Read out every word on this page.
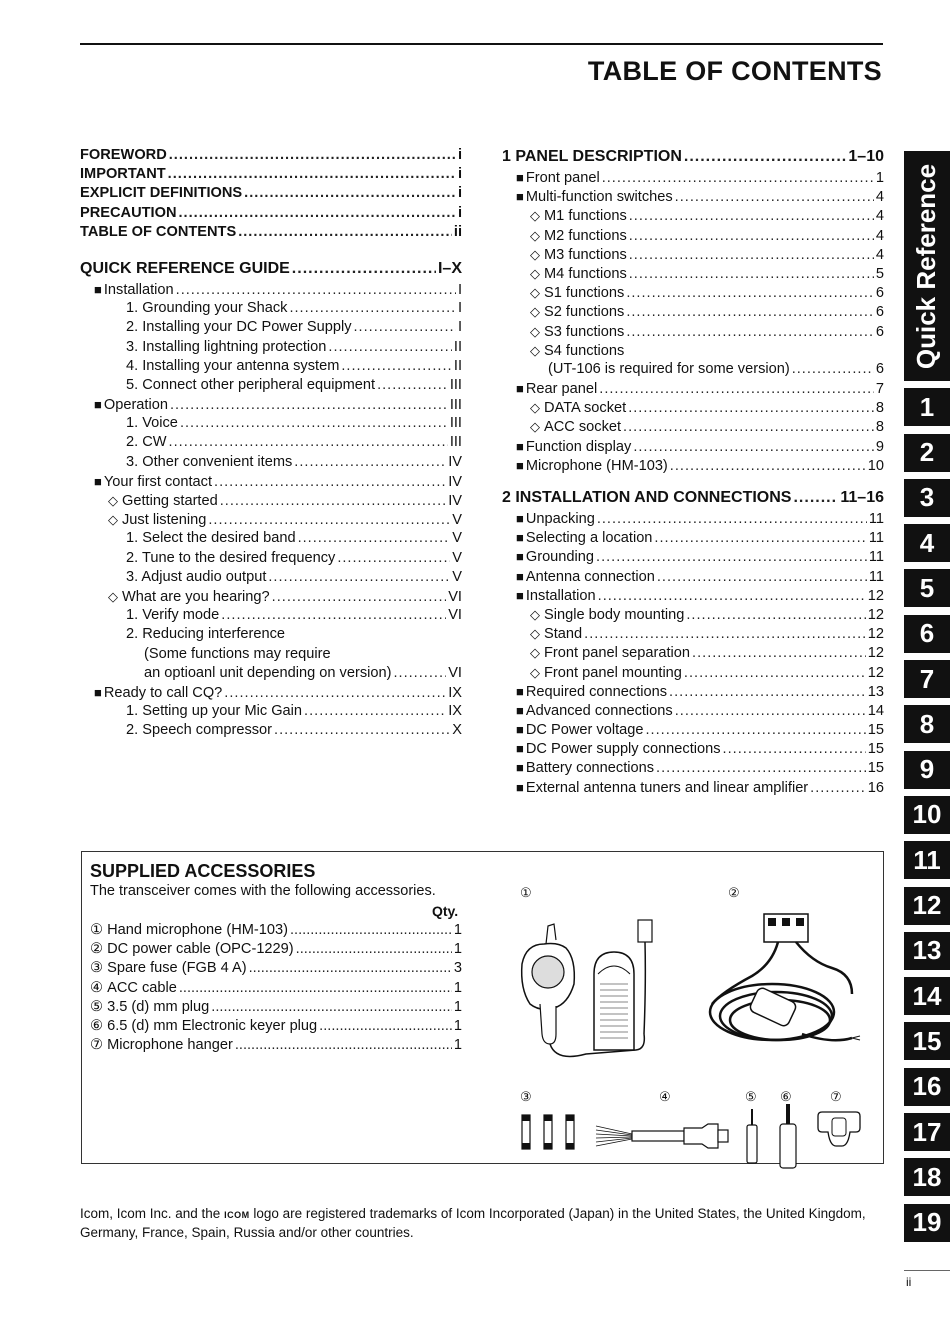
TABLE OF CONTENTS
FOREWORD .....	i
IMPORTANT .....	i
EXPLICIT DEFINITIONS .....	i
PRECAUTION .....	i
TABLE OF CONTENTS .....	ii
QUICK REFERENCE GUIDE .....	I–X
■ Installation .....	I
1. Grounding your Shack .....	I
2. Installing your DC Power Supply .....	I
3. Installing lightning protection .....	II
4. Installing your antenna system .....	II
5. Connect other peripheral equipment .....	III
■ Operation .....	III
1. Voice .....	III
2. CW .....	III
3. Other convenient items .....	IV
■ Your first contact .....	IV
◇ Getting started .....	IV
◇ Just listening .....	V
1. Select the desired band .....	V
2. Tune to the desired frequency .....	V
3. Adjust audio output .....	V
◇ What are you hearing? .....	VI
1. Verify mode .....	VI
2. Reducing interference
(Some functions may require
an optioanl unit depending on version) .....	VI
■ Ready to call CQ? .....	IX
1. Setting up your Mic Gain .....	IX
2. Speech compressor .....	X
1 PANEL DESCRIPTION .....	1–10
■ Front panel .....	1
■ Multi-function switches .....	4
◇ M1 functions .....	4
◇ M2 functions .....	4
◇ M3 functions .....	4
◇ M4 functions .....	5
◇ S1 functions .....	6
◇ S2 functions .....	6
◇ S3 functions .....	6
◇ S4 functions
(UT-106 is required for some version) .....	6
■ Rear panel .....	7
◇ DATA socket .....	8
◇ ACC socket .....	8
■ Function display .....	9
■ Microphone (HM-103) .....	10
2 INSTALLATION AND CONNECTIONS .....	11–16
■ Unpacking .....	11
■ Selecting a location .....	11
■ Grounding .....	11
■ Antenna connection .....	11
■ Installation .....	12
◇ Single body mounting .....	12
◇ Stand .....	12
◇ Front panel separation .....	12
◇ Front panel mounting .....	12
■ Required connections .....	13
■ Advanced connections .....	14
■ DC Power voltage .....	15
■ DC Power supply connections .....	15
■ Battery connections .....	15
■ External antenna tuners and linear amplifier .....	16
Quick Reference
1
2
3
4
5
6
7
8
9
10
11
12
13
14
15
16
17
18
19
SUPPLIED ACCESSORIES
The transceiver comes with the following accessories.
Qty.
① Hand microphone (HM-103) .....	1
② DC power cable (OPC-1229) .....	1
③ Spare fuse (FGB 4 A) .....	3
④ ACC cable .....	1
⑤ 3.5 (d) mm plug .....	1
⑥ 6.5 (d) mm Electronic keyer plug .....	1
⑦ Microphone hanger .....	1
①	②
③	④	⑤ ⑥	⑦
Icom, Icom Inc. and the ICOM logo are registered trademarks of Icom Incorporated (Japan) in the United States, the United Kingdom, Germany, France, Spain, Russia and/or other countries.
ii
